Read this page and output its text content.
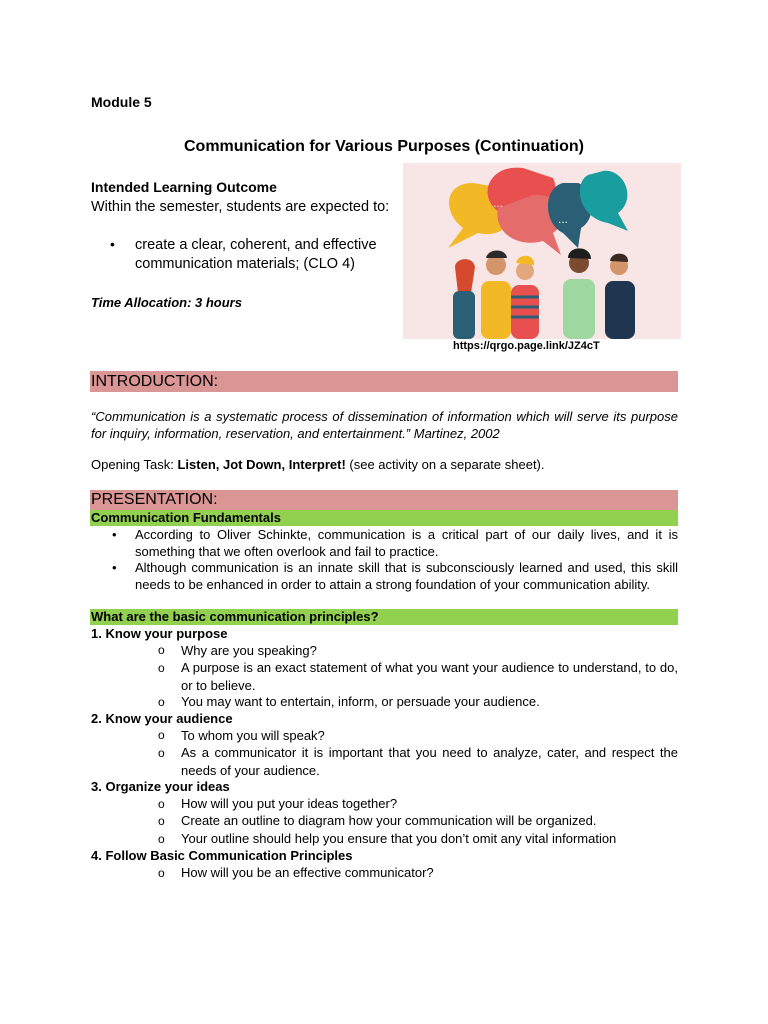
Module 5
Communication for Various Purposes (Continuation)
Intended Learning Outcome
Within the semester, students are expected to:
• create a clear, coherent, and effective communication materials; (CLO 4)
Time Allocation: 3 hours
...
...
https://qrgo.page.link/JZ4cT
INTRODUCTION:
“Communication is a systematic process of dissemination of information which will serve its purpose for inquiry, information, reservation, and entertainment.” Martinez, 2002
Opening Task: Listen, Jot Down, Interpret! (see activity on a separate sheet).
PRESENTATION:
Communication Fundamentals
• According to Oliver Schinkte, communication is a critical part of our daily lives, and it is something that we often overlook and fail to practice.
• Although communication is an innate skill that is subconsciously learned and used, this skill needs to be enhanced in order to attain a strong foundation of your communication ability.
What are the basic communication principles?
1. Know your purpose
o Why are you speaking?
o A purpose is an exact statement of what you want your audience to understand, to do, or to believe.
o You may want to entertain, inform, or persuade your audience.
2. Know your audience
o To whom you will speak?
o As a communicator it is important that you need to analyze, cater, and respect the needs of your audience.
3. Organize your ideas
o How will you put your ideas together?
o Create an outline to diagram how your communication will be organized.
o Your outline should help you ensure that you don’t omit any vital information
4. Follow Basic Communication Principles
o How will you be an effective communicator?
